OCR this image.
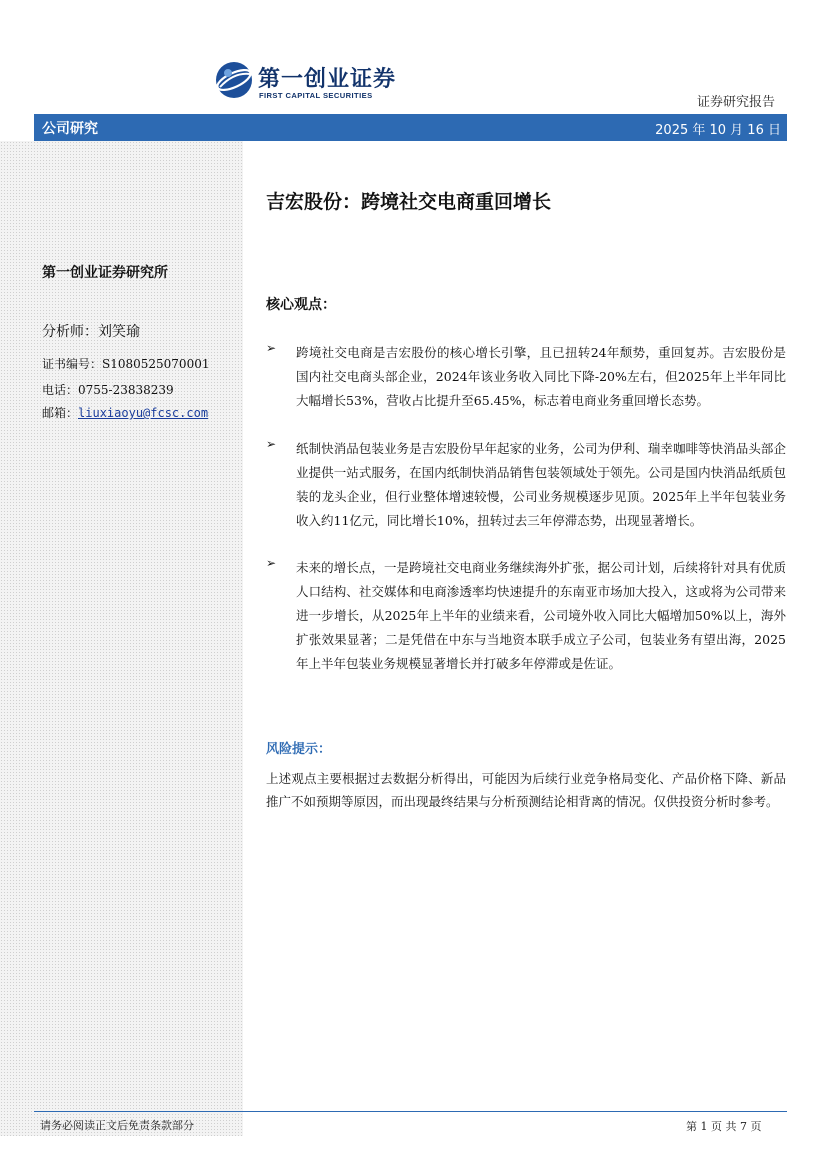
第一创业证券
FIRST CAPITAL SECURITIES	证券研究报告
公司研究	2025 年 10 月 16 日
第一创业证券研究所
分析师：刘笑瑜
证书编号：S1080525070001
电话：0755-23838239
邮箱：liuxiaoyu@fcsc.com
吉宏股份：跨境社交电商重回增长
核心观点：
➢ 跨境社交电商是吉宏股份的核心增长引擎，且已扭转24年颓势，重回复苏。吉宏股份是国内社交电商头部企业，2024年该业务收入同比下降-20%左右，但2025年上半年同比大幅增长53%，营收占比提升至65.45%，标志着电商业务重回增长态势。
➢ 纸制快消品包装业务是吉宏股份早年起家的业务，公司为伊利、瑞幸咖啡等快消品头部企业提供一站式服务，在国内纸制快消品销售包装领域处于领先。公司是国内快消品纸质包装的龙头企业，但行业整体增速较慢，公司业务规模逐步见顶。2025年上半年包装业务收入约11亿元，同比增长10%，扭转过去三年停滞态势，出现显著增长。
➢ 未来的增长点，一是跨境社交电商业务继续海外扩张，据公司计划，后续将针对具有优质人口结构、社交媒体和电商渗透率均快速提升的东南亚市场加大投入，这或将为公司带来进一步增长，从2025年上半年的业绩来看，公司境外收入同比大幅增加50%以上，海外扩张效果显著；二是凭借在中东与当地资本联手成立子公司，包装业务有望出海，2025年上半年包装业务规模显著增长并打破多年停滞或是佐证。
风险提示：
上述观点主要根据过去数据分析得出，可能因为后续行业竞争格局变化、产品价格下降、新品推广不如预期等原因，而出现最终结果与分析预测结论相背离的情况。仅供投资分析时参考。
请务必阅读正文后免责条款部分	第 1 页 共 7 页
